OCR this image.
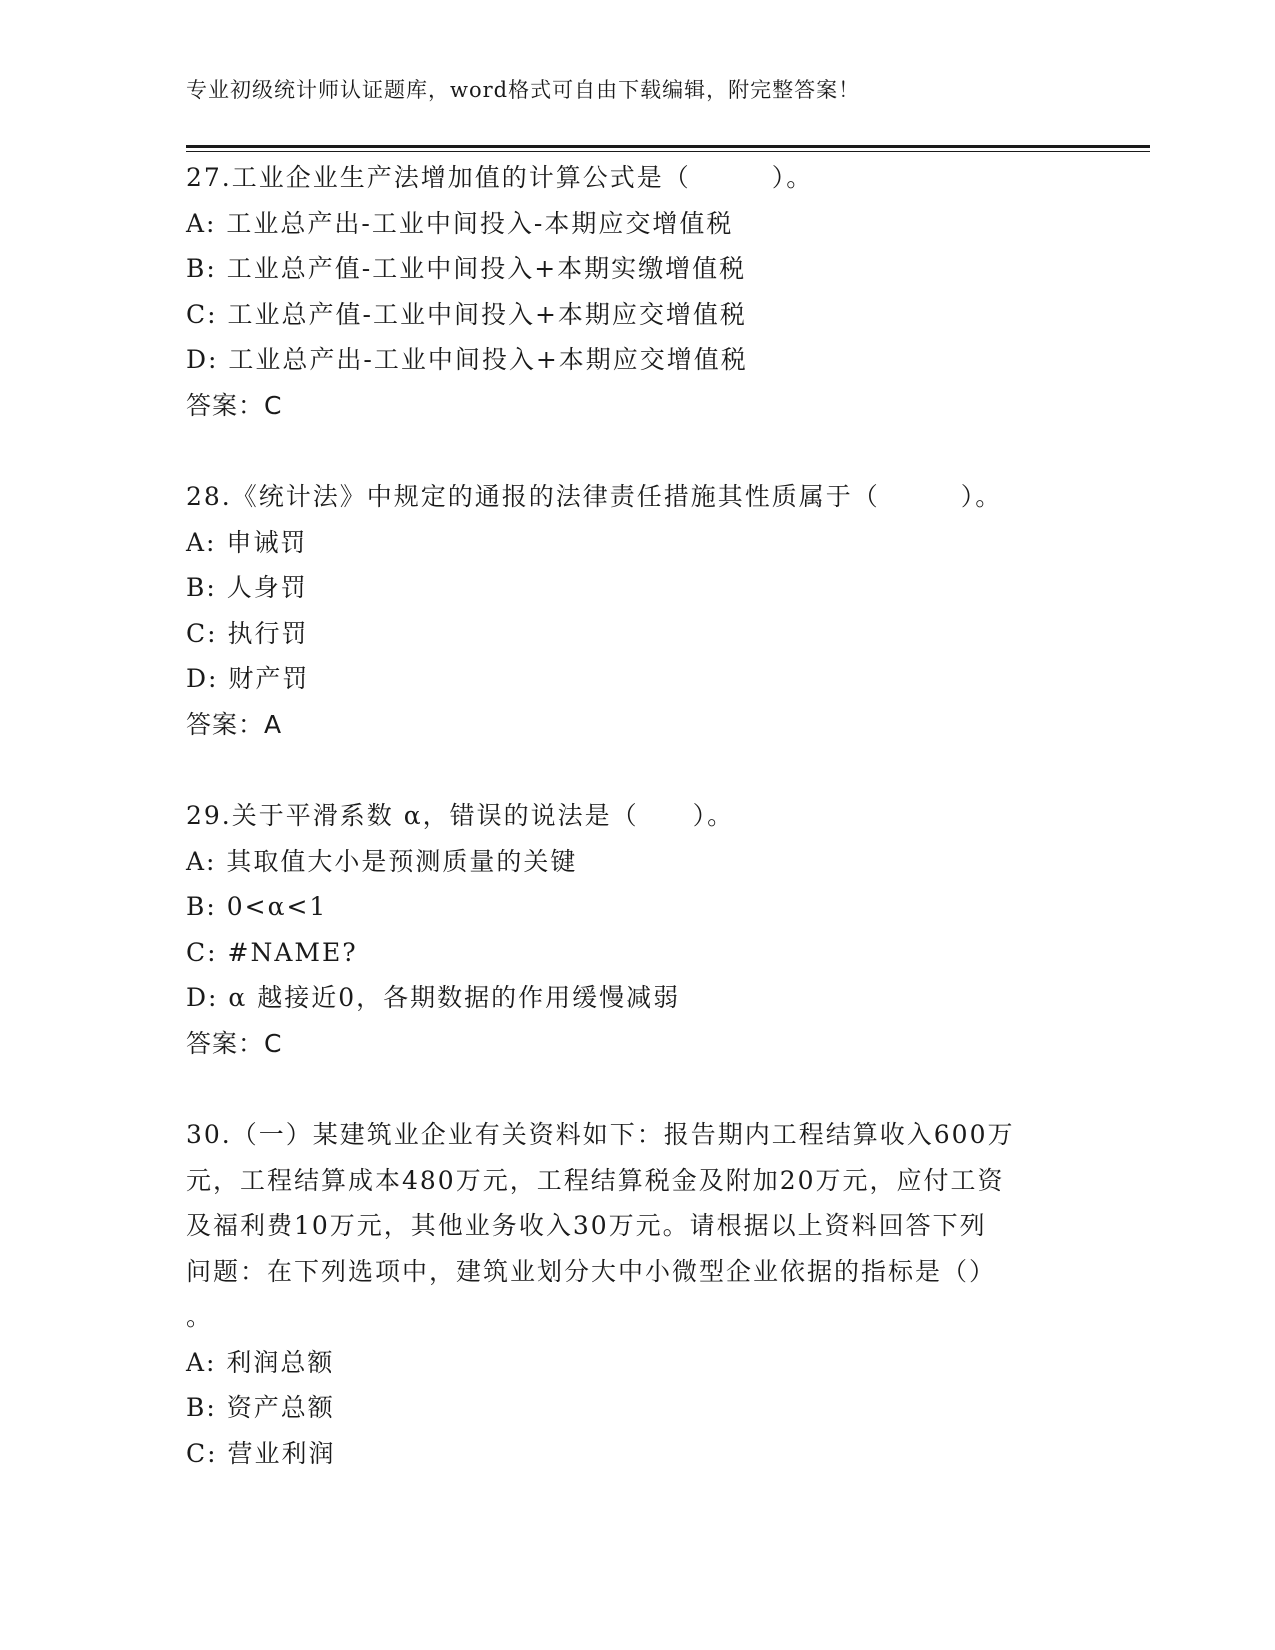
专业初级统计师认证题库，word格式可自由下载编辑，附完整答案！
27.工业企业生产法增加值的计算公式是（　　　）。
A: 工业总产出-工业中间投入-本期应交增值税
B: 工业总产值-工业中间投入+本期实缴增值税
C: 工业总产值-工业中间投入+本期应交增值税
D: 工业总产出-工业中间投入+本期应交增值税
答案：C
28.《统计法》中规定的通报的法律责任措施其性质属于（　　　）。
A: 申诫罚
B: 人身罚
C: 执行罚
D: 财产罚
答案：A
29.关于平滑系数 α，错误的说法是（　　）。
A: 其取值大小是预测质量的关键
B: 0<α<1
C: #NAME?
D: α 越接近0，各期数据的作用缓慢减弱
答案：C
30.（一）某建筑业企业有关资料如下：报告期内工程结算收入600万
元，工程结算成本480万元，工程结算税金及附加20万元，应付工资
及福利费10万元，其他业务收入30万元。请根据以上资料回答下列
问题：在下列选项中，建筑业划分大中小微型企业依据的指标是（）
。
A: 利润总额
B: 资产总额
C: 营业利润
